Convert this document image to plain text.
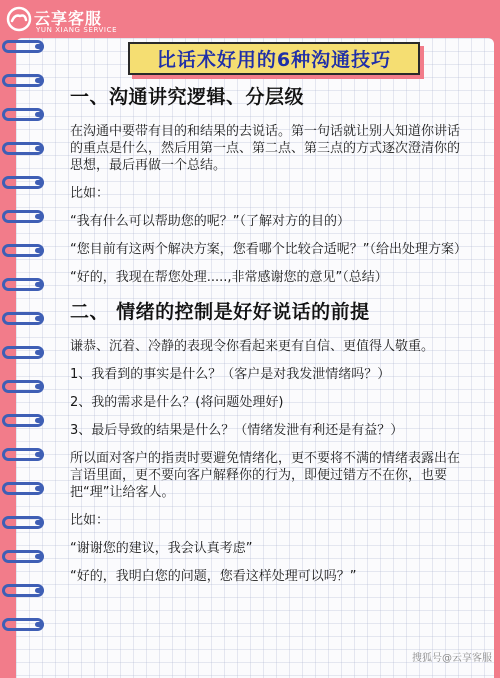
云享客服
YUN XIANG SERVICE
比话术好用的6种沟通技巧
一、沟通讲究逻辑、分层级
在沟通中要带有目的和结果的去说话。第一句话就让别人知道你讲话的重点是什么，然后用第一点、第二点、第三点的方式逐次澄清你的思想，最后再做一个总结。
比如：
“我有什么可以帮助您的呢？”（了解对方的目的）
“您目前有这两个解决方案，您看哪个比较合适呢？”（给出处理方案）
“好的，我现在帮您处理.....,非常感谢您的意见”（总结）
二、 情绪的控制是好好说话的前提
谦恭、沉着、冷静的表现令你看起来更有自信、更值得人敬重。
1、我看到的事实是什么？（客户是对我发泄情绪吗？）
2、我的需求是什么？(将问题处理好)
3、最后导致的结果是什么？（情绪发泄有利还是有益？）
所以面对客户的指责时要避免情绪化，更不要将不满的情绪表露出在言语里面，更不要向客户解释你的行为，即便过错方不在你，也要把“理”让给客人。
比如：
“谢谢您的建议，我会认真考虑”
“好的，我明白您的问题，您看这样处理可以吗？”
搜狐号@云享客服
